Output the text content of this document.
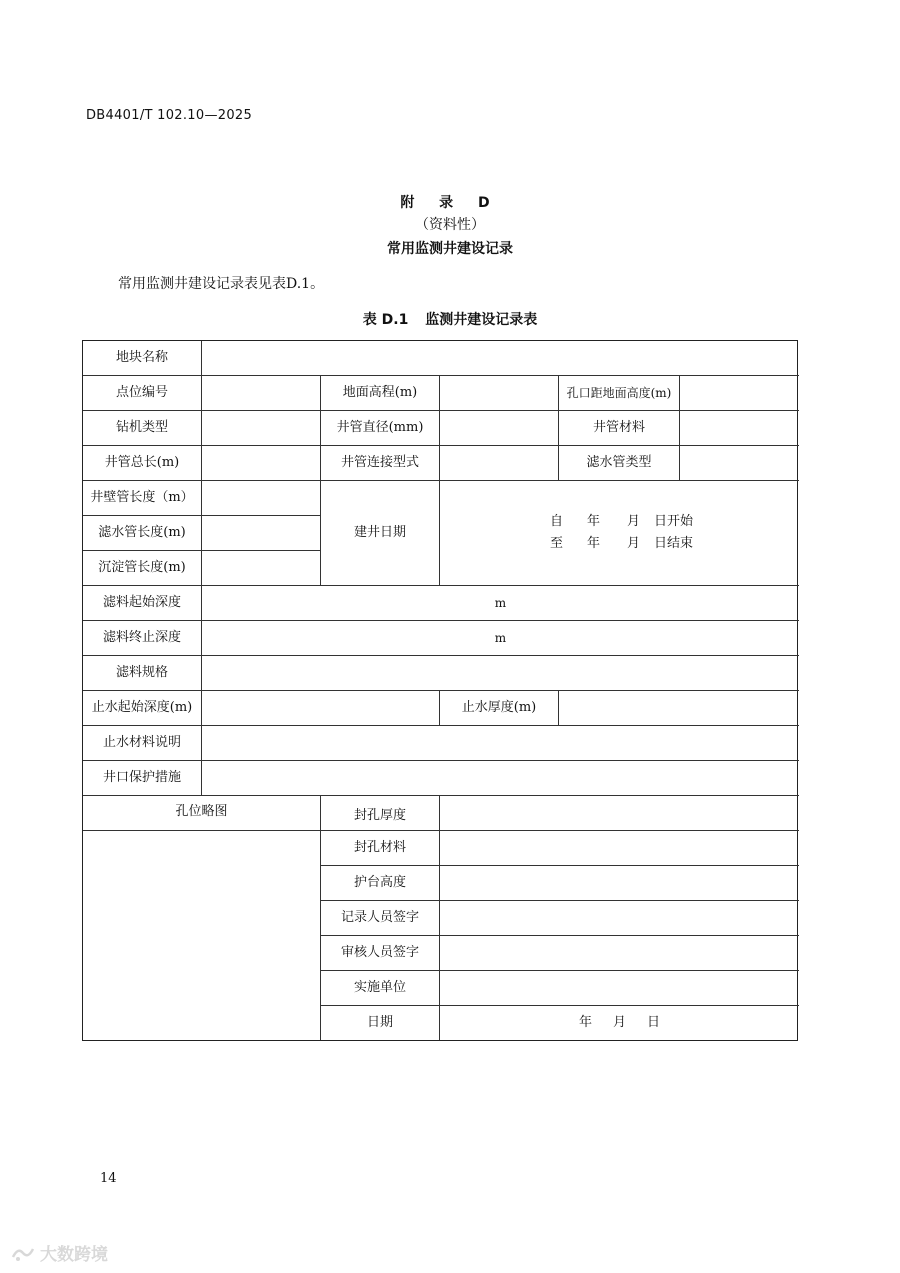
DB4401/T 102.10—2025
附 录 D
（资料性）
常用监测井建设记录
常用监测井建设记录表见表D.1。
表 D.1 监测井建设记录表
地块名称
点位编号	地面高程(m)	孔口距地面高度(m)
钻机类型	井管直径(mm)	井管材料
井管总长(m)	井管连接型式	滤水管类型
井壁管长度（m）
滤水管长度(m)
沉淀管长度(m)
建井日期
自	年	月	日开始
至	年	月	日结束
滤料起始深度	m
滤料终止深度	m
滤料规格
止水起始深度(m)	止水厚度(m)
止水材料说明
井口保护措施
孔位略图	封孔厚度
封孔材料
护台高度
记录人员签字
审核人员签字
实施单位
日期	年	月	日
14
大数跨境
